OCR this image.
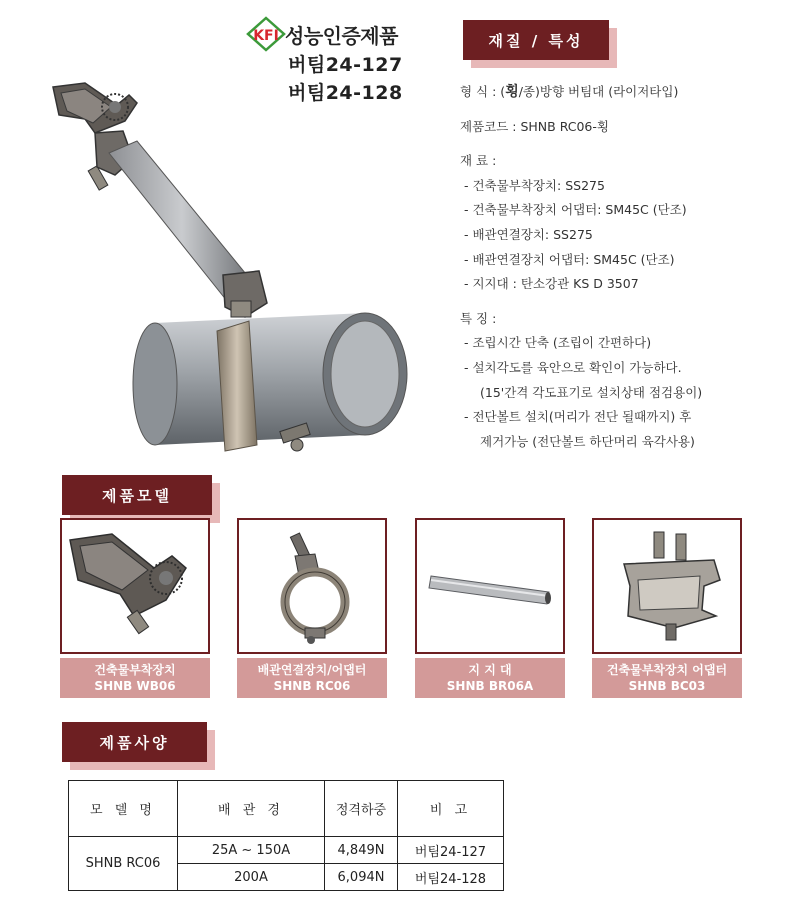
KFI 성능인증제품
버팀24-127
버팀24-128
재질 / 특성
형 식 : (횡/종)방향 버팀대 (라이저타입)
제품코드 : SHNB RC06-횡
재 료 :
- 건축물부착장치: SS275
- 건축물부착장치 어댑터: SM45C (단조)
- 배관연결장치: SS275
- 배관연결장치 어댑터: SM45C (단조)
- 지지대 : 탄소강관 KS D 3507
특 징 :
- 조립시간 단축 (조립이 간편하다)
- 설치각도를 육안으로 확인이 가능하다.
(15'간격 각도표기로 설치상태 점검용이)
- 전단볼트 설치(머리가 전단 될때까지) 후
제거가능 (전단볼트 하단머리 육각사용)
제품모델
건축물부착장치
SHNB WB06
배관연결장치/어댑터
SHNB RC06
지 지 대
SHNB BR06A
건축물부착장치 어댑터
SHNB BC03
제품사양
모 델 명	배 관 경	정격하중	비 고
SHNB RC06	25A ~ 150A	4,849N	버팀24-127
	200A	6,094N	버팀24-128
